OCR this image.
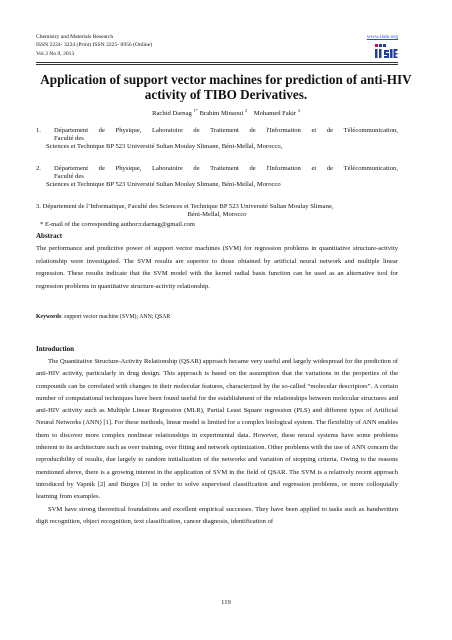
Chemistry and Materials Research
ISSN 2224- 3224 (Print) ISSN 2225- 0956 (Online)
Vol.3 No.9, 2013
www.iiste.org
Application of support vector machines for prediction of anti-HIV activity of TIBO Derivatives.
Rachid Darnag $^{1*}$ Brahim Minaoui $^2$ Mohamed Fakir $^3$
1.	Département de Physique, Laboratoire de Traitement de l'Information et de Télécommunication,
Faculté des
Sciences et Technique BP 523 Université Sultan Moulay Slimane, Béni-Mellal, Morocco,
2.	Département de Physique, Laboratoire de Traitement de l'Information et de Télécommunication,
Faculté des
Sciences et Technique BP 523 Université Sultan Moulay Slimane, Béni-Mellal, Morocco
3. Département de l’Informatique, Faculté des Sciences et Technique BP 523 Université Sultan Moulay Slimane,
Béni-Mellal, Morocco
* E-mail of the corresponding author:r.darnag@gmail.com
Abstract
The performance and predictive power of support vector machines (SVM) for regression problems in quantitative structure-activity relationship were investigated. The SVM results are superior to those obtained by artificial neural network and multiple linear regression. These results indicate that the SVM model with the kernel radial basis function can be used as an alternative tool for regression problems in quantitative structure-activity relationship.
Keywords: support vector machine (SVM); ANN; QSAR
Introduction

The Quantitative Structure-Activity Relationship (QSAR) approach became very useful and largely widespread for the prediction of anti-HIV activity, particularly in drug design. This approach is based on the assumption that the variations in the properties of the compounds can be correlated with changes in their molecular features, characterized by the so-called “molecular descriptors”. A certain number of computational techniques have been found useful for the establishment of the relationships between molecular structures and anti-HIV activity such as Multiple Linear Regression (MLR), Partial Least Square regression (PLS) and different types of Artificial Neural Networks (ANN) [1]. For these methods, linear model is limited for a complex biological system. The flexibility of ANN enables them to discover more complex nonlinear relationships in experimental data. However, these neural systems have some problems inherent to its architecture such as over training, over fitting and network optimization. Other problems with the use of ANN concern the reproducibility of results, due largely to random initialization of the networks and variation of stopping criteria. Owing to the reasons mentioned above, there is a growing interest in the application of SVM in the field of QSAR. The SVM is a relatively recent approach introduced by Vapnik [2] and Burges [3] in order to solve supervised classification and regression problems, or more colloquially learning from examples.

SVM have strong theoretical foundations and excellent empirical successes. They have been applied to tasks such as handwritten digit recognition, object recognition, text classification, cancer diagnosis, identification of

119
